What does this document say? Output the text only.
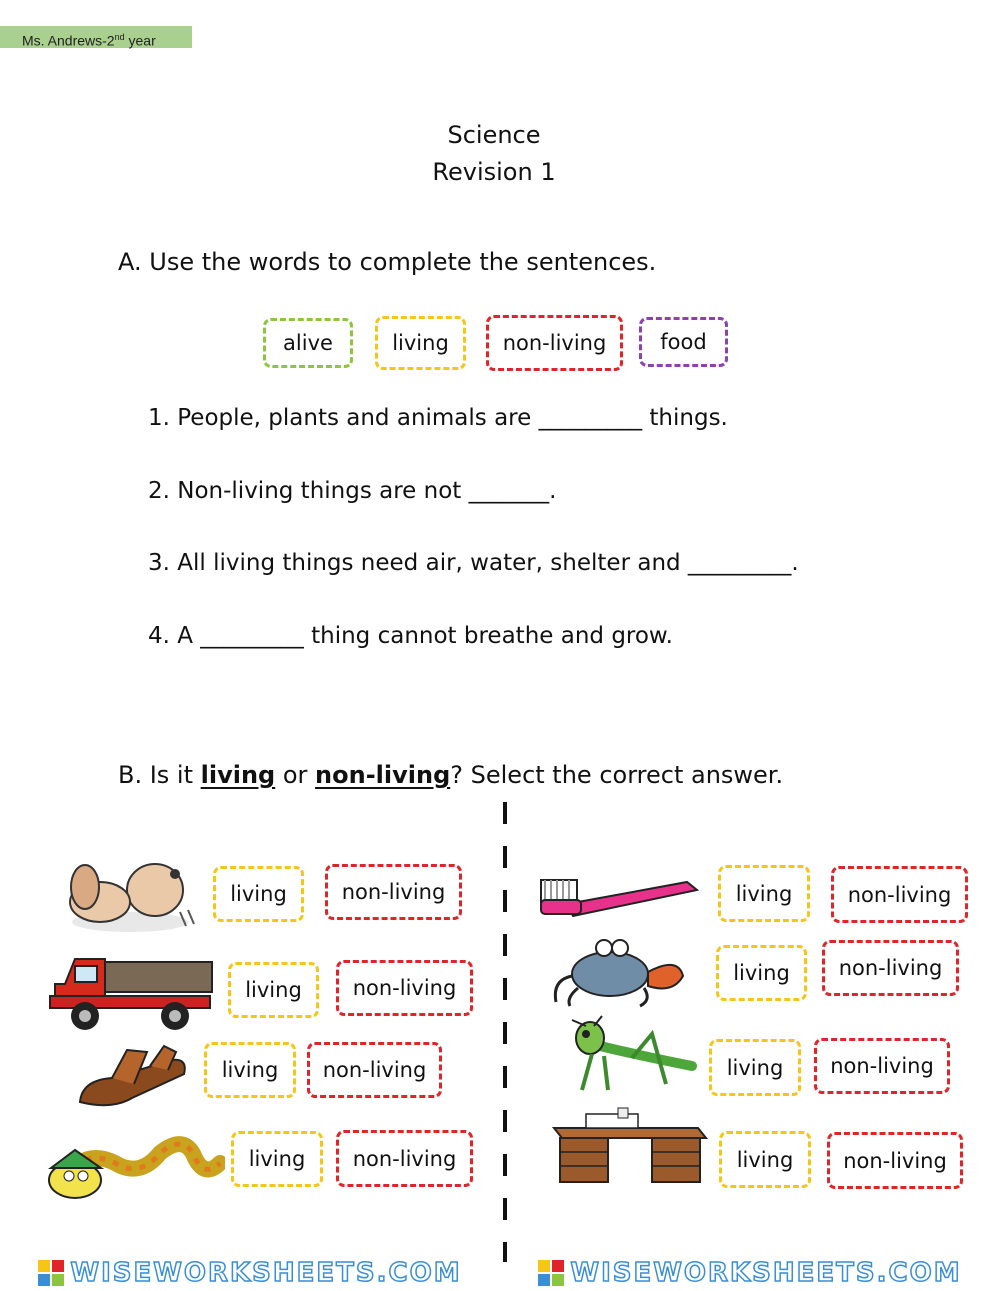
Ms. Andrews-2nd year
Science
Revision 1
A. Use the words to complete the sentences.
alive	living	non-living	food
1. People, plants and animals are _________ things.
2. Non-living things are not _______.
3. All living things need air, water, shelter and _________.
4. A _________ thing cannot breathe and grow.
B. Is it living or non-living? Select the correct answer.
living	non-living
living	non-living
living	non-living
living	non-living
living	non-living
living	non-living
living	non-living
living	non-living
WISEWORKSHEETS.COM	WISEWORKSHEETS.COM
